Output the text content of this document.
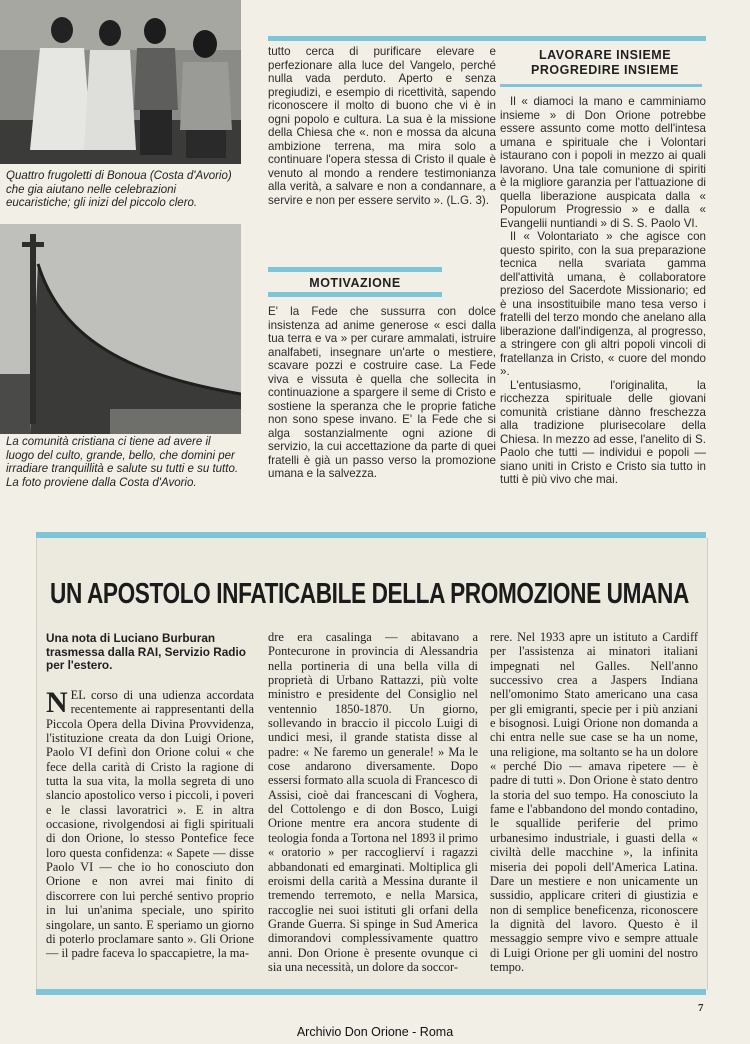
Quattro frugoletti di Bonoua (Costa d'Avorio) che gia aiutano nelle celebrazioni eucaristiche; gli inizi del piccolo clero.
La comunità cristiana ci tiene ad avere il luogo del culto, grande, bello, che domini per irradiare tranquillità e salute su tutti e su tutto. La foto proviene dalla Costa d'Avorio.
tutto cerca di purificare elevare e perfezionare alla luce del Vangelo, perché nulla vada perduto. Aperto e senza pregiudizi, e esempio di ricettività, sapendo riconoscere il molto di buono che vi è in ogni popolo e cultura. La sua è la missione della Chiesa che «. non e mossa da alcuna ambizione terrena, ma mira solo a continuare l'opera stessa di Cristo il quale è venuto al mondo a rendere testimonianza alla verità, a salvare e non a condannare, a servire e non per essere servito ». (L.G. 3).
MOTIVAZIONE
E' la Fede che sussurra con dolce insistenza ad anime generose « esci dalla tua terra e va » per curare ammalati, istruire analfabeti, insegnare un'arte o mestiere, scavare pozzi e costruire case. La Fede viva e vissuta è quella che sollecita in continuazione a spargere il seme di Cristo e sostiene la speranza che le proprie fatiche non sono spese invano. E' la Fede che si alga sostanzialmente ogni azione di servizio, la cui accettazione da parte di quei fratelli è già un passo verso la promozione umana e la salvezza.
LAVORARE INSIEME
PROGREDIRE INSIEME

Il « diamoci la mano e camminiamo insieme » di Don Orione potrebbe essere assunto come motto dell'intesa umana e spirituale che i Volontari istaurano con i popoli in mezzo ai quali lavorano. Una tale comunione di spiriti è la migliore garanzia per l'attuazione di quella liberazione auspicata dalla « Populorum Progressio » e dalla « Evangelii nuntiandi » di S. S. Paolo VI.

Il « Volontariato » che agisce con questo spirito, con la sua preparazione tecnica nella svariata gamma dell'attività umana, è collaboratore prezioso del Sacerdote Missionario; ed è una insostituibile mano tesa verso i fratelli del terzo mondo che anelano alla liberazione dall'indigenza, al progresso, a stringere con gli altri popoli vincoli di fratellanza in Cristo, « cuore del mondo ».

L'entusiasmo, l'originalita, la ricchezza spirituale delle giovani comunità cristiane dànno freschezza alla tradizione plurisecolare della Chiesa. In mezzo ad esse, l'anelito di S. Paolo che tutti — individui e popoli — siano uniti in Cristo e Cristo sia tutto in tutti è più vivo che mai.

UN APOSTOLO INFATICABILE DELLA PROMOZIONE UMANA
Una nota di Luciano Burburan trasmessa dalla RAI, Servizio Radio per l'estero.
NEL corso di una udienza accordata recentemente ai rappresentanti della Piccola Opera della Divina Provvidenza, l'istituzione creata da don Luigi Orione, Paolo VI definì don Orione colui « che fece della carità di Cristo la ragione di tutta la sua vita, la molla segreta di uno slancio apostolico verso i piccoli, i poveri e le classi lavoratrici ». E in altra occasione, rivolgendosi ai figli spirituali di don Orione, lo stesso Pontefice fece loro questa confidenza: « Sapete — disse Paolo VI — che io ho conosciuto don Orione e non avrei mai finito di discorrere con lui perché sentivo proprio in lui un'anima speciale, uno spirito singolare, un santo. E speriamo un giorno di poterlo proclamare santo ». Gli Orione — il padre faceva lo spaccapietre, la ma-
dre era casalinga — abitavano a Pontecurone in provincia di Alessandria nella portineria di una bella villa di proprietà di Urbano Rattazzi, più volte ministro e presidente del Consiglio nel ventennio 1850-1870. Un giorno, sollevando in braccio il piccolo Luigi di undici mesi, il grande statista disse al padre: « Ne faremo un generale! » Ma le cose andarono diversamente. Dopo essersi formato alla scuola di Francesco di Assisi, cioè dai francescani di Voghera, del Cottolengo e di don Bosco, Luigi Orione mentre era ancora studente di teologia fonda a Tortona nel 1893 il primo « oratorio » per raccoglierví i ragazzi abbandonati ed emarginati. Moltiplica gli eroismi della carità a Messina durante il tremendo terremoto, e nella Marsica, raccoglie nei suoi istituti gli orfani della Grande Guerra. Si spinge in Sud America dimorandovi complessivamente quattro anni. Don Orione è presente ovunque ci sia una necessità, un dolore da soccor-
rere. Nel 1933 apre un istituto a Cardiff per l'assistenza ai minatori italiani impegnati nel Galles. Nell'anno successivo crea a Jaspers Indiana nell'omonimo Stato americano una casa per gli emigranti, specie per i più anziani e bisognosi. Luigi Orione non domanda a chi entra nelle sue case se ha un nome, una religione, ma soltanto se ha un dolore « perché Dio — amava ripetere — è padre di tutti ». Don Orione è stato dentro la storia del suo tempo. Ha conosciuto la fame e l'abbandono del mondo contadino, le squallide periferie del primo urbanesimo industriale, i guasti della « civiltà delle macchine », la infinita miseria dei popoli dell'America Latina. Dare un mestiere e non unicamente un sussidio, applicare criteri di giustizia e non di semplice beneficenza, riconoscere la dignità del lavoro. Questo è il messaggio sempre vivo e sempre attuale di Luigi Orione per gli uomini del nostro tempo.
7
Archivio Don Orione - Roma
